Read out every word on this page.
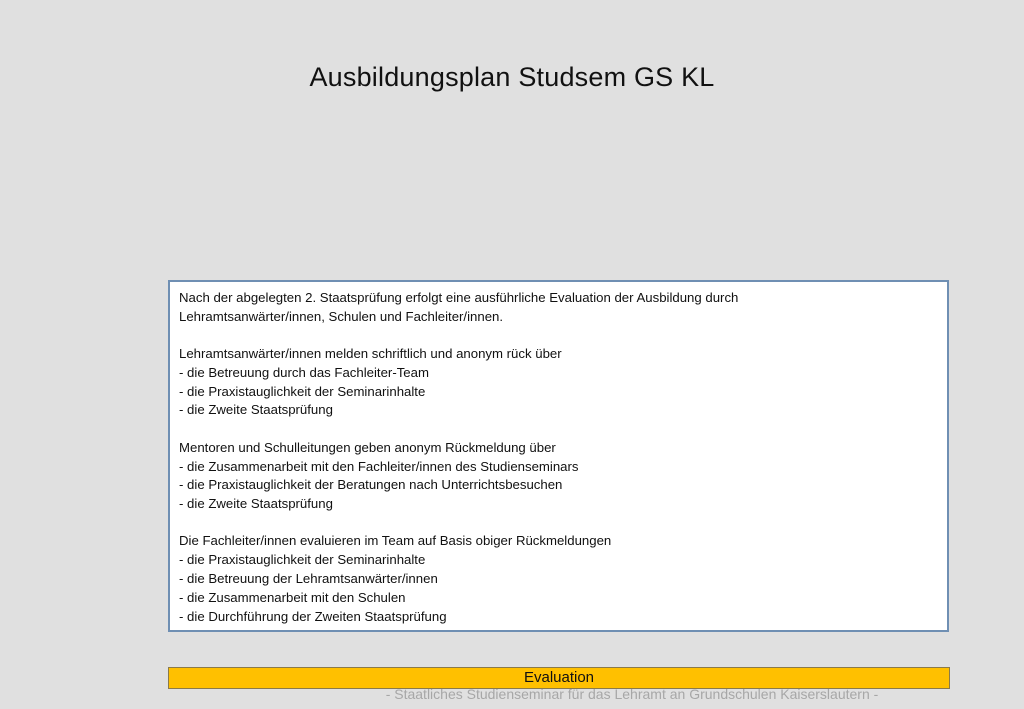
Ausbildungsplan Studsem GS KL
Nach der abgelegten 2. Staatsprüfung erfolgt eine ausführliche Evaluation der Ausbildung durch
Lehramtsanwärter/innen, Schulen und Fachleiter/innen.
Lehramtsanwärter/innen melden schriftlich und anonym rück über
- die Betreuung durch das Fachleiter-Team
- die Praxistauglichkeit der Seminarinhalte
- die Zweite Staatsprüfung
Mentoren und Schulleitungen geben anonym Rückmeldung über
- die Zusammenarbeit mit den Fachleiter/innen des Studienseminars
- die Praxistauglichkeit der Beratungen nach Unterrichtsbesuchen
- die Zweite Staatsprüfung
Die Fachleiter/innen evaluieren im Team auf Basis obiger Rückmeldungen
- die Praxistauglichkeit der Seminarinhalte
- die Betreuung der Lehramtsanwärter/innen
- die Zusammenarbeit mit den Schulen
- die Durchführung der Zweiten Staatsprüfung
Evaluation
- Staatliches Studienseminar für das Lehramt an Grundschulen Kaiserslautern -
